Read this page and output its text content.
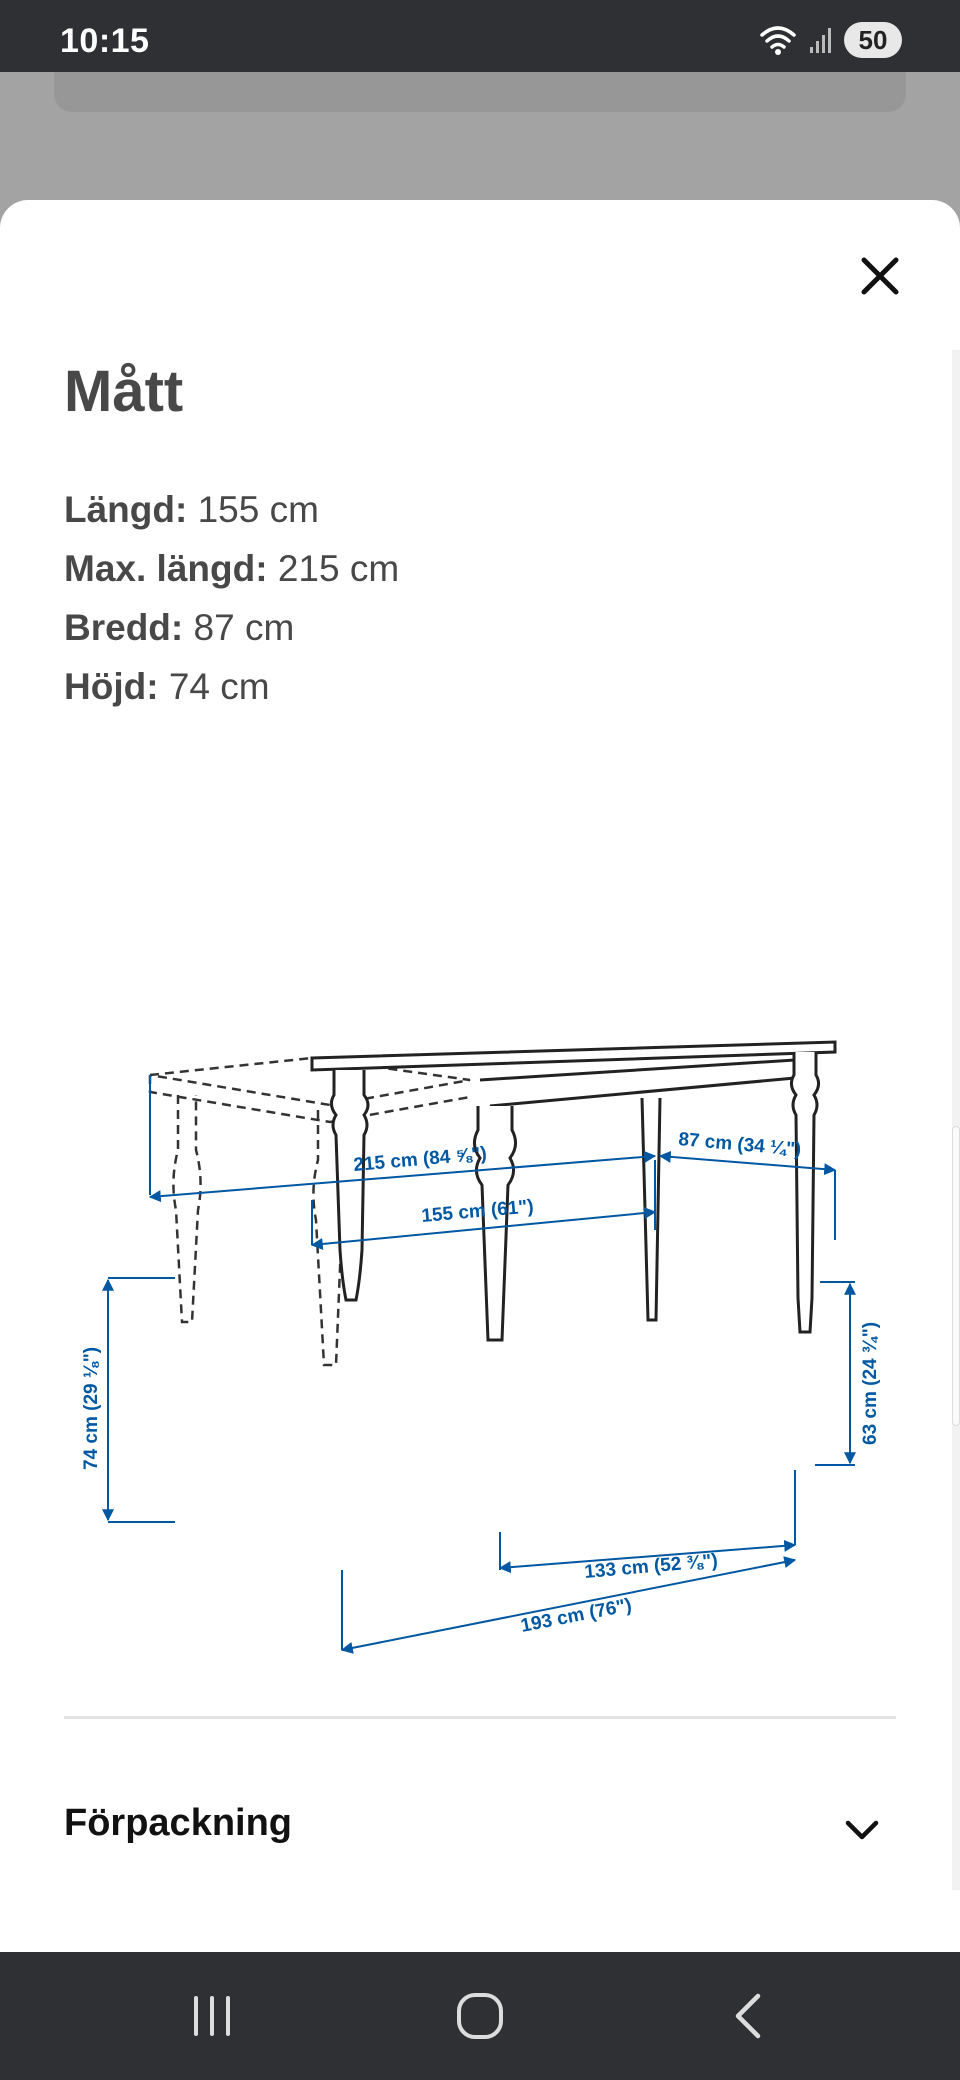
10:15	50
Mått
Längd: 155 cm
Max. längd: 215 cm
Bredd: 87 cm
Höjd: 74 cm
215 cm (84 ⅝")	87 cm (34 ¼")
155 cm (61")
74 cm (29 ⅛")	63 cm (24 ¾")
133 cm (52 ⅜")
193 cm (76")
Förpackning
